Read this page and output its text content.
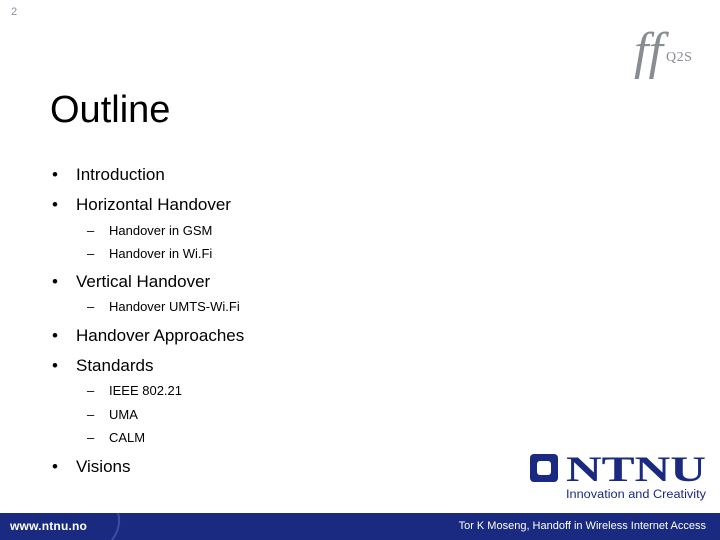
2
ff Q2S
Outline
• Introduction
• Horizontal Handover
– Handover in GSM
– Handover in Wi.Fi
• Vertical Handover
– Handover UMTS-Wi.Fi
• Handover Approaches
• Standards
– IEEE 802.21
– UMA
– CALM
• Visions	NTNU
Innovation and Creativity
www.ntnu.no	Tor K Moseng, Handoff in Wireless Internet Access
